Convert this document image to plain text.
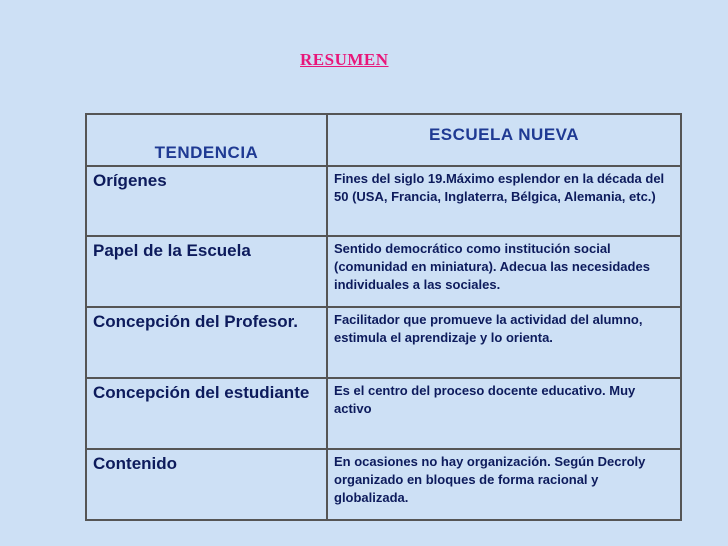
RESUMEN
TENDENCIA	ESCUELA NUEVA
Orígenes	Fines del siglo 19.Máximo esplendor en la década del 50 (USA, Francia, Inglaterra, Bélgica, Alemania, etc.)
Papel de la Escuela	Sentido democrático como institución social (comunidad en miniatura). Adecua las necesidades individuales a las sociales.
Concepción del Profesor.	Facilitador que promueve la actividad del alumno, estimula el aprendizaje y lo orienta.
Concepción del estudiante	Es el centro del proceso docente educativo. Muy activo
Contenido	En ocasiones no hay organización. Según Decroly organizado en bloques de forma racional y globalizada.
